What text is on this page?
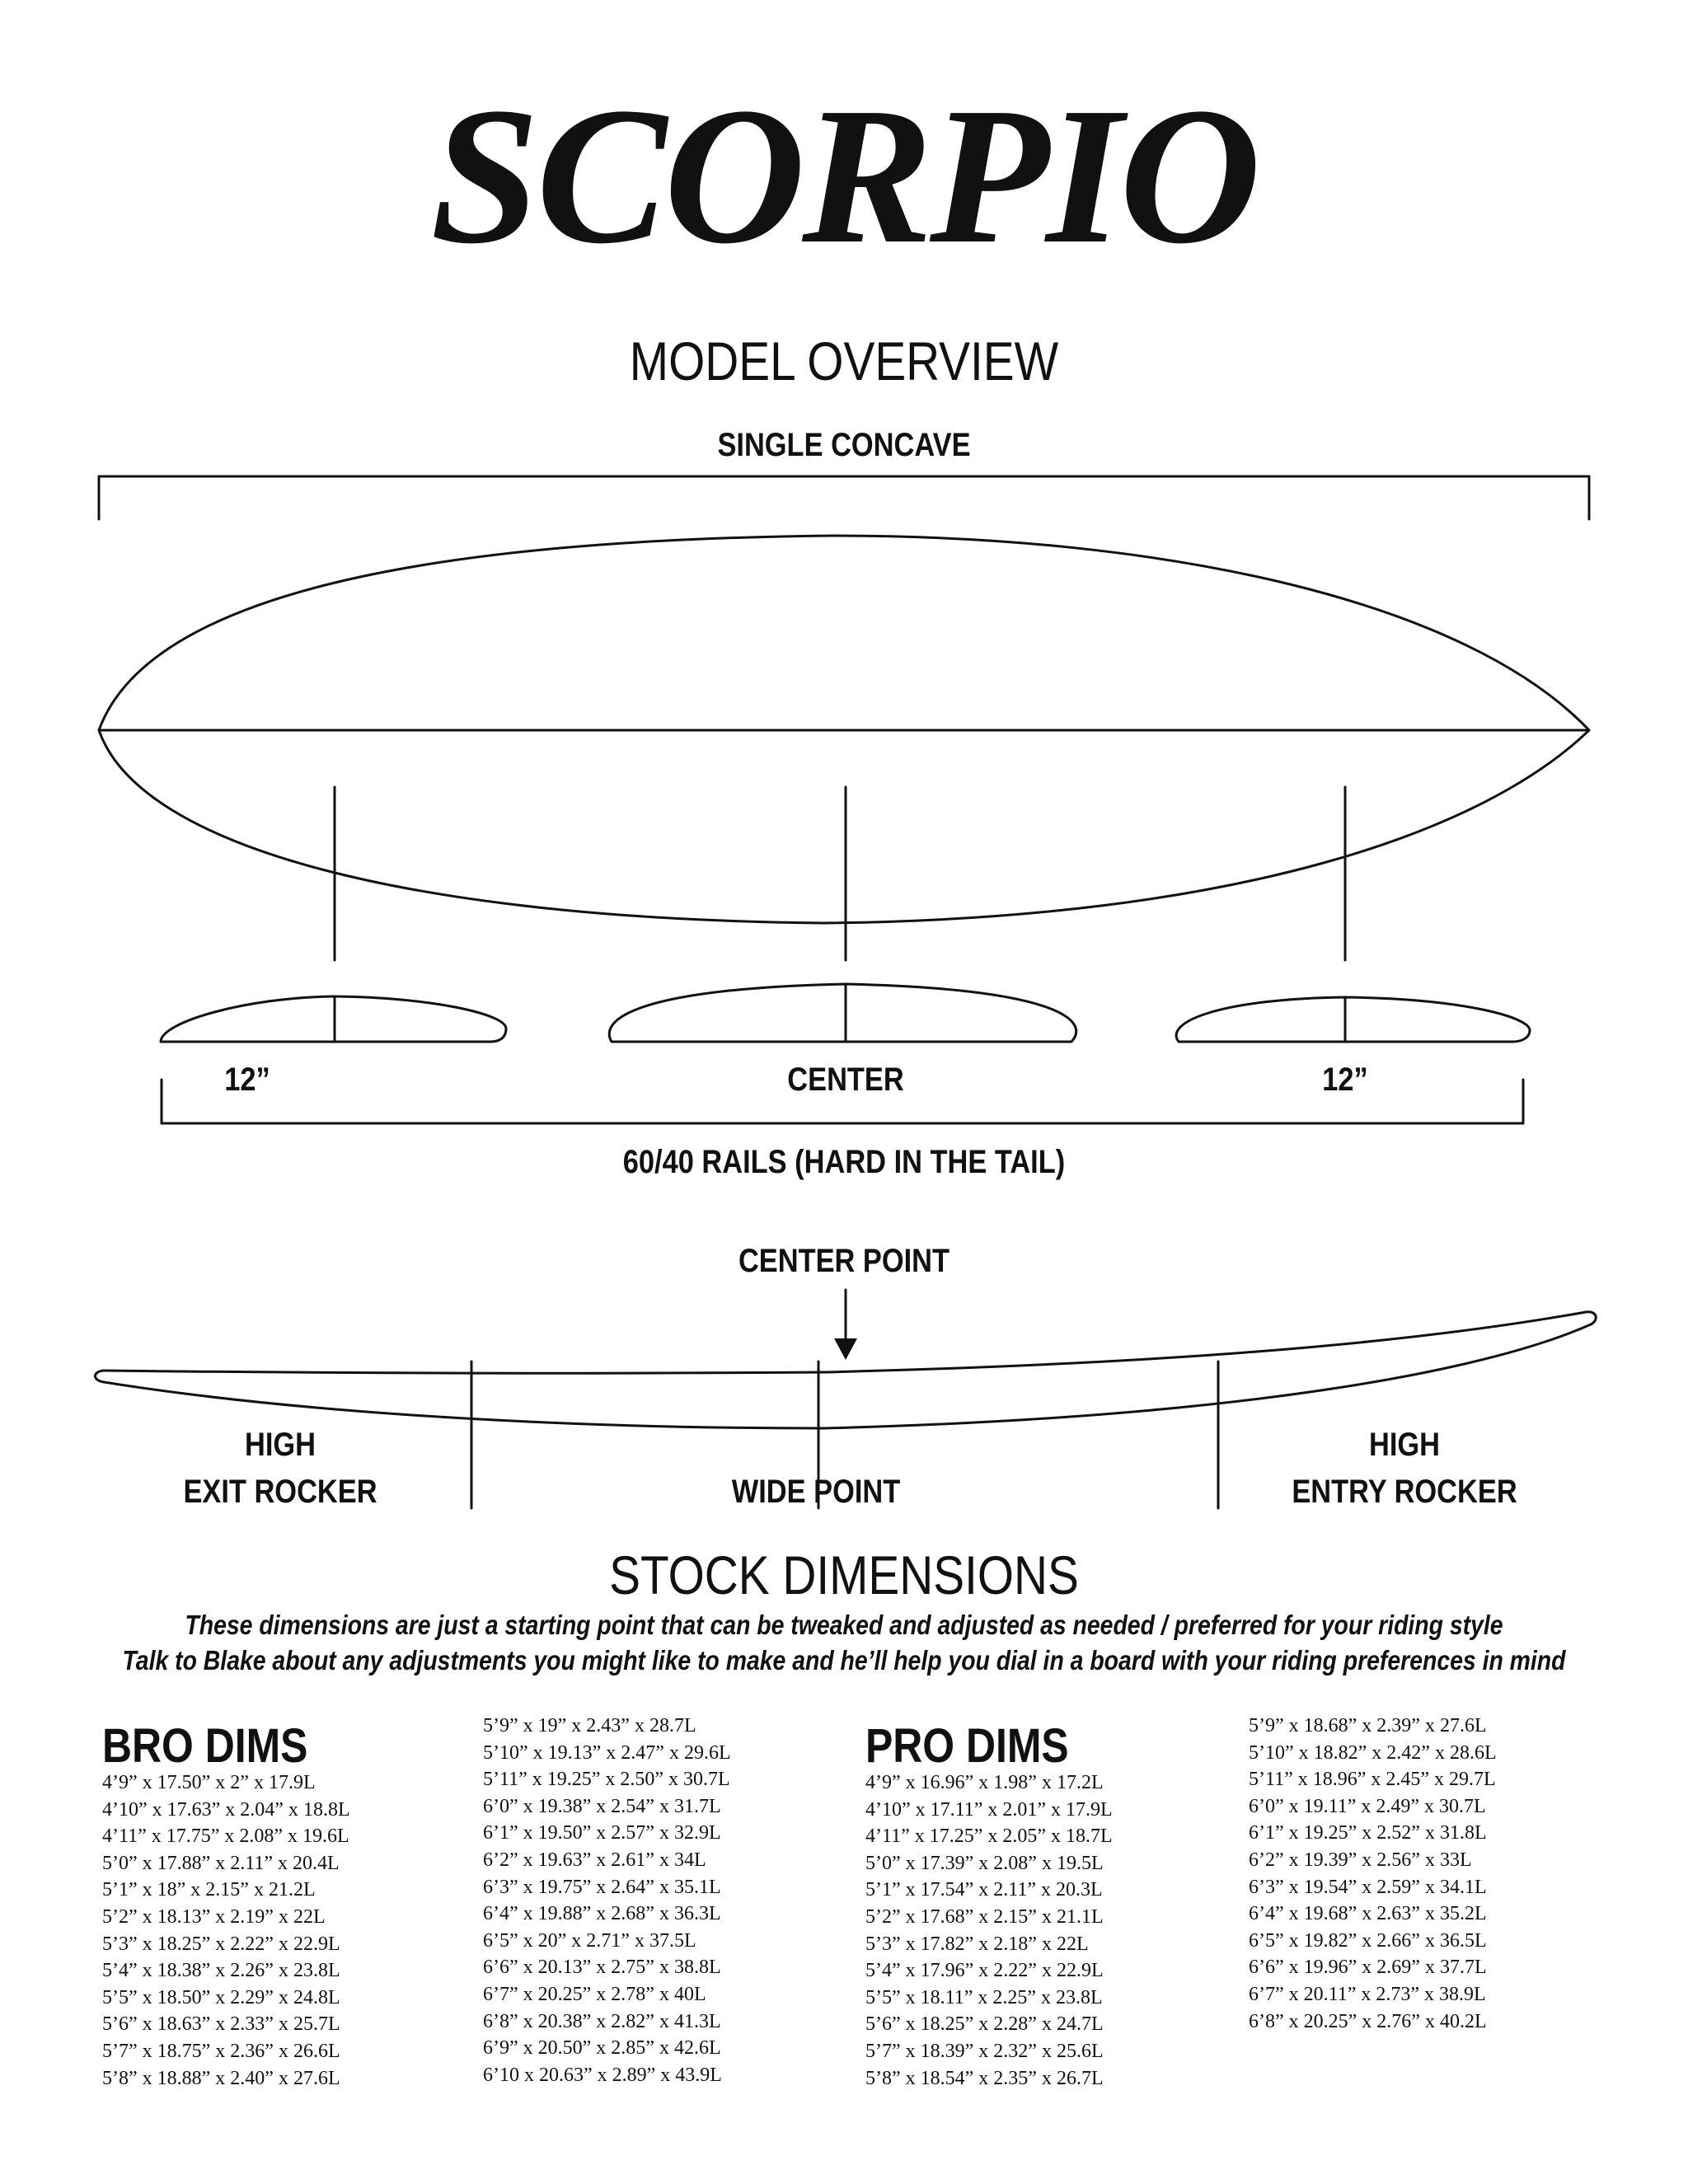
SCORPIO
MODEL OVERVIEW
SINGLE CONCAVE
12”	CENTER	12”
60/40 RAILS (HARD IN THE TAIL)
CENTER POINT
HIGH
EXIT ROCKER	WIDE POINT
HIGH
ENTRY ROCKER
STOCK DIMENSIONS
These dimensions are just a starting point that can be tweaked and adjusted as needed / preferred for your riding style
Talk to Blake about any adjustments you might like to make and he’ll help you dial in a board with your riding preferences in mind
BRO DIMS
4’9” x 17.50” x 2” x 17.9L
4’10” x 17.63” x 2.04” x 18.8L
4’11” x 17.75” x 2.08” x 19.6L
5’0” x 17.88” x 2.11” x 20.4L
5’1” x 18” x 2.15” x 21.2L
5’2” x 18.13” x 2.19” x 22L
5’3” x 18.25” x 2.22” x 22.9L
5’4” x 18.38” x 2.26” x 23.8L
5’5” x 18.50” x 2.29” x 24.8L
5’6” x 18.63” x 2.33” x 25.7L
5’7” x 18.75” x 2.36” x 26.6L
5’8” x 18.88” x 2.40” x 27.6L
5’9” x 19” x 2.43” x 28.7L
5’10” x 19.13” x 2.47” x 29.6L
5’11” x 19.25” x 2.50” x 30.7L
6’0” x 19.38” x 2.54” x 31.7L
6’1” x 19.50” x 2.57” x 32.9L
6’2” x 19.63” x 2.61” x 34L
6’3” x 19.75” x 2.64” x 35.1L
6’4” x 19.88” x 2.68” x 36.3L
6’5” x 20” x 2.71” x 37.5L
6’6” x 20.13” x 2.75” x 38.8L
6’7” x 20.25” x 2.78” x 40L
6’8” x 20.38” x 2.82” x 41.3L
6’9” x 20.50” x 2.85” x 42.6L
6’10 x 20.63” x 2.89” x 43.9L
PRO DIMS
4’9” x 16.96” x 1.98” x 17.2L
4’10” x 17.11” x 2.01” x 17.9L
4’11” x 17.25” x 2.05” x 18.7L
5’0” x 17.39” x 2.08” x 19.5L
5’1” x 17.54” x 2.11” x 20.3L
5’2” x 17.68” x 2.15” x 21.1L
5’3” x 17.82” x 2.18” x 22L
5’4” x 17.96” x 2.22” x 22.9L
5’5” x 18.11” x 2.25” x 23.8L
5’6” x 18.25” x 2.28” x 24.7L
5’7” x 18.39” x 2.32” x 25.6L
5’8” x 18.54” x 2.35” x 26.7L
5’9” x 18.68” x 2.39” x 27.6L
5’10” x 18.82” x 2.42” x 28.6L
5’11” x 18.96” x 2.45” x 29.7L
6’0” x 19.11” x 2.49” x 30.7L
6’1” x 19.25” x 2.52” x 31.8L
6’2” x 19.39” x 2.56” x 33L
6’3” x 19.54” x 2.59” x 34.1L
6’4” x 19.68” x 2.63” x 35.2L
6’5” x 19.82” x 2.66” x 36.5L
6’6” x 19.96” x 2.69” x 37.7L
6’7” x 20.11” x 2.73” x 38.9L
6’8” x 20.25” x 2.76” x 40.2L
